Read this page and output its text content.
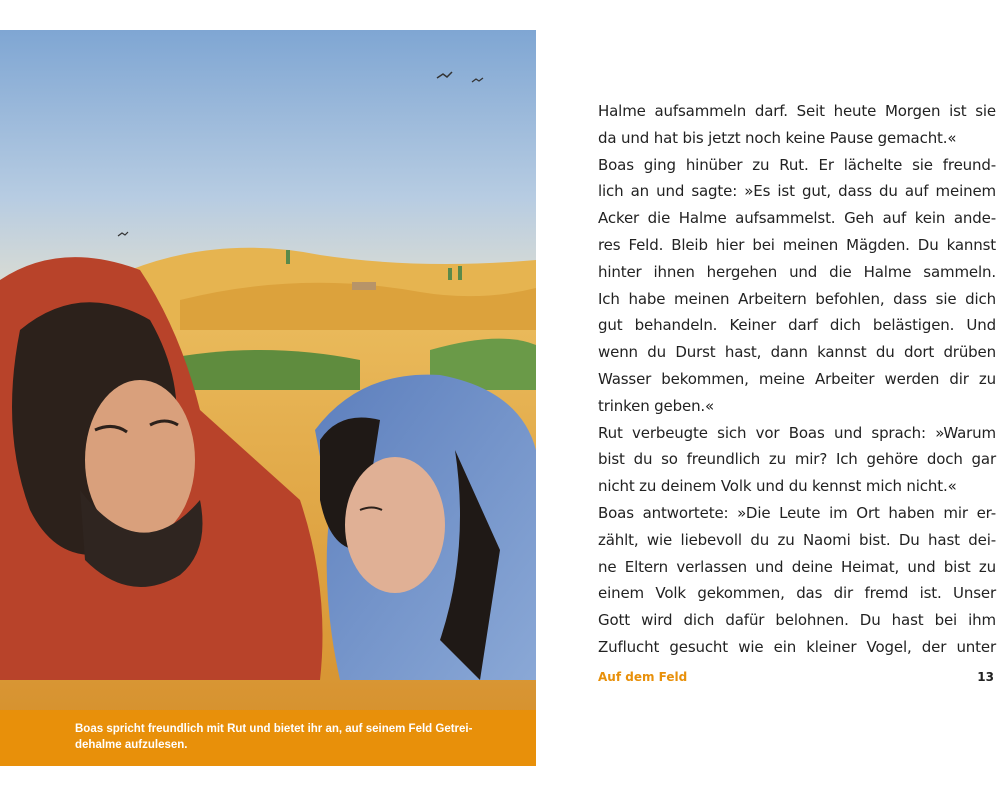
Boas spricht freundlich mit Rut und bietet ihr an, auf seinem Feld Getrei-
dehalme aufzulesen.
Halme aufsammeln darf. Seit heute Morgen ist sie
da und hat bis jetzt noch keine Pause gemacht.«
Boas ging hinüber zu Rut. Er lächelte sie freund-
lich an und sagte: »Es ist gut, dass du auf meinem
Acker die Halme aufsammelst. Geh auf kein ande-
res Feld. Bleib hier bei meinen Mägden. Du kannst
hinter ihnen hergehen und die Halme sammeln.
Ich habe meinen Arbeitern befohlen, dass sie dich
gut behandeln. Keiner darf dich belästigen. Und
wenn du Durst hast, dann kannst du dort drüben
Wasser bekommen, meine Arbeiter werden dir zu
trinken geben.«
Rut verbeugte sich vor Boas und sprach: »Warum
bist du so freundlich zu mir? Ich gehöre doch gar
nicht zu deinem Volk und du kennst mich nicht.«
Boas antwortete: »Die Leute im Ort haben mir er-
zählt, wie liebevoll du zu Naomi bist. Du hast dei-
ne Eltern verlassen und deine Heimat, und bist zu
einem Volk gekommen, das dir fremd ist. Unser
Gott wird dich dafür belohnen. Du hast bei ihm
Zuflucht gesucht wie ein kleiner Vogel, der unter
Auf dem Feld	13
